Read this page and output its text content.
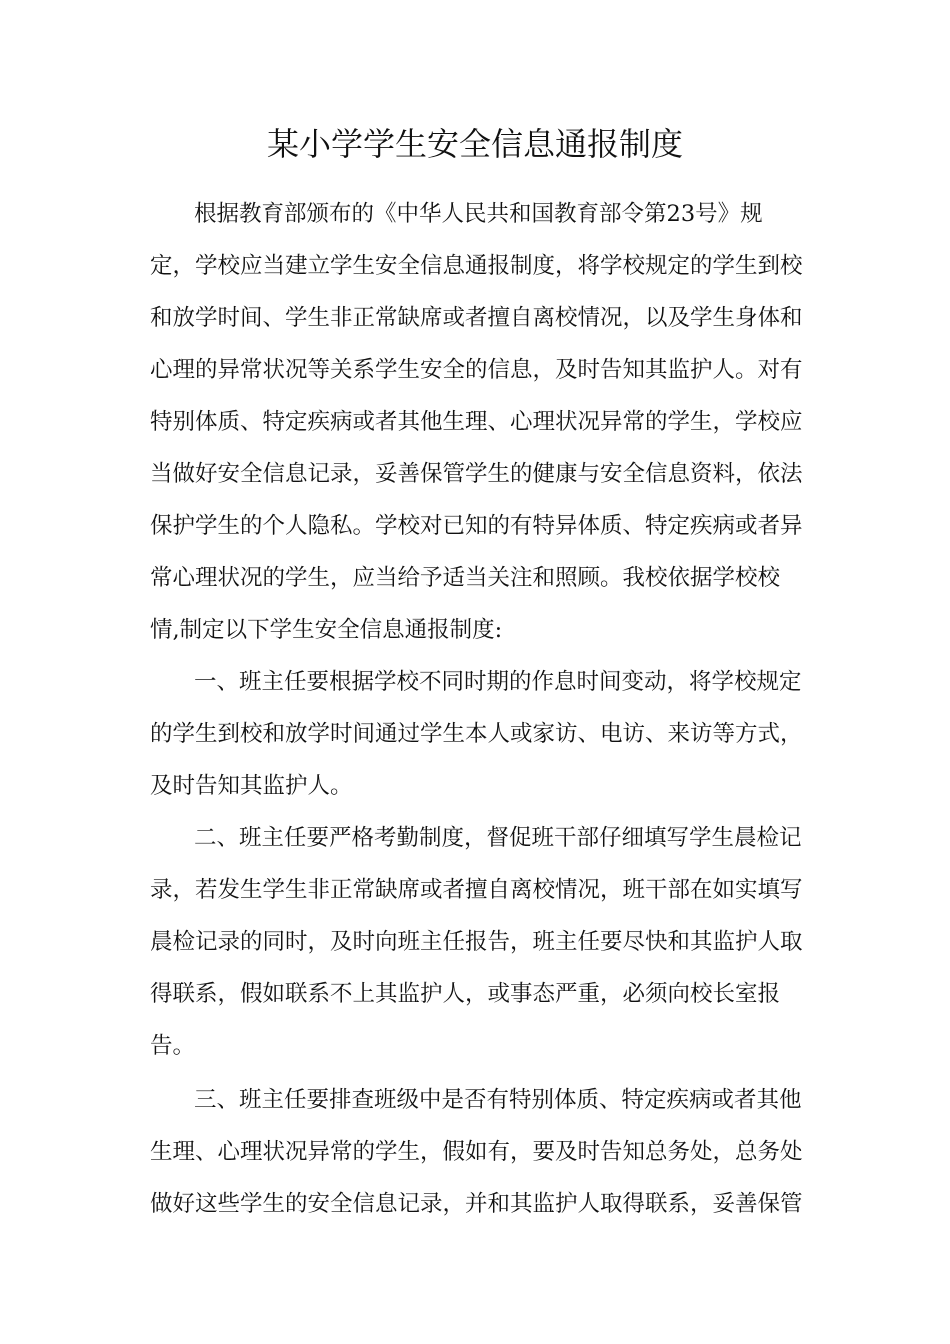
某小学学生安全信息通报制度
根据教育部颁布的《中华人民共和国教育部令第23号》规
定，学校应当建立学生安全信息通报制度，将学校规定的学生到校
和放学时间、学生非正常缺席或者擅自离校情况，以及学生身体和
心理的异常状况等关系学生安全的信息，及时告知其监护人。对有
特别体质、特定疾病或者其他生理、心理状况异常的学生，学校应
当做好安全信息记录，妥善保管学生的健康与安全信息资料，依法
保护学生的个人隐私。学校对已知的有特异体质、特定疾病或者异
常心理状况的学生，应当给予适当关注和照顾。我校依据学校校
情,制定以下学生安全信息通报制度:
一、班主任要根据学校不同时期的作息时间变动，将学校规定
的学生到校和放学时间通过学生本人或家访、电访、来访等方式，
及时告知其监护人。
二、班主任要严格考勤制度，督促班干部仔细填写学生晨检记
录，若发生学生非正常缺席或者擅自离校情况，班干部在如实填写
晨检记录的同时，及时向班主任报告，班主任要尽快和其监护人取
得联系，假如联系不上其监护人，或事态严重，必须向校长室报
告。
三、班主任要排查班级中是否有特别体质、特定疾病或者其他
生理、心理状况异常的学生，假如有，要及时告知总务处，总务处
做好这些学生的安全信息记录，并和其监护人取得联系，妥善保管
